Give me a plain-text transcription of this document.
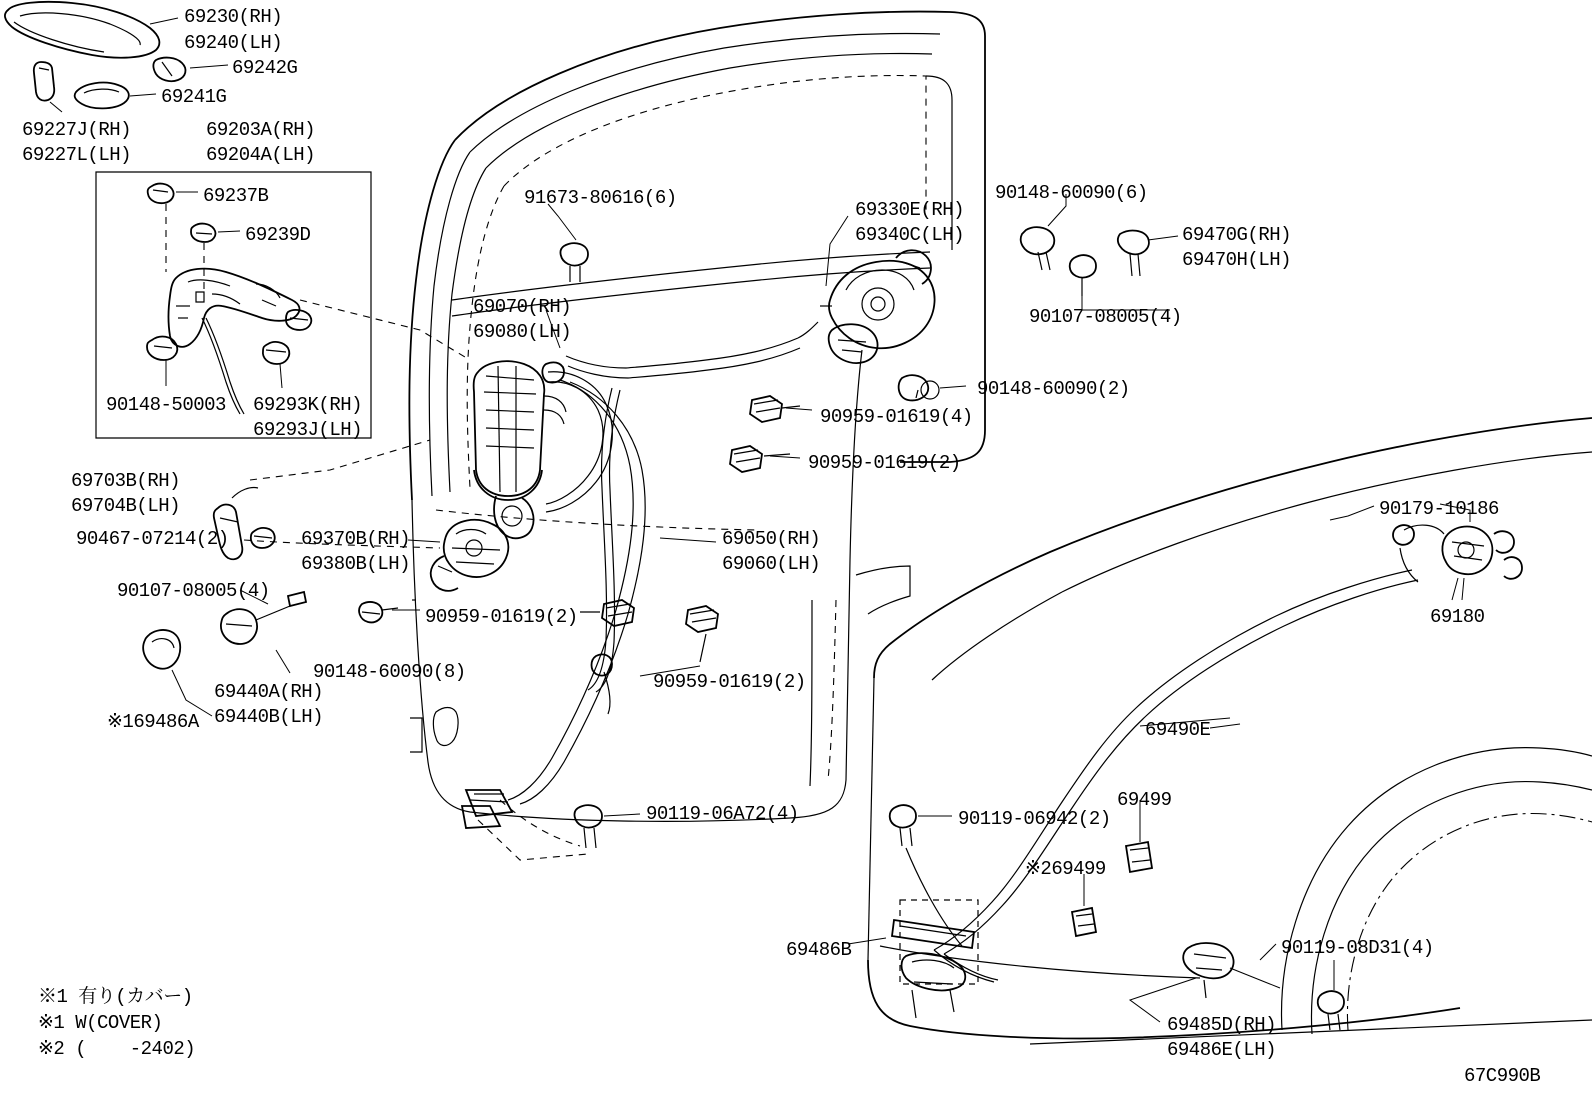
69230(RH)
69240(LH)
69242G
69241G
69227J(RH)
69227L(LH)
69203A(RH)
69204A(LH)
69237B
69239D
90148-50003 69293K(RH)
69293J(LH)
91673-80616(6)
69330E(RH)
69340C(LH)
90148-60090(6)
69470G(RH)
69470H(LH)
90107-08005(4)
69070(RH)
69080(LH)
90148-60090(2)
90959-01619(4)
90959-01619(2)
69703B(RH)
69704B(LH)
90467-07214(2)	69370B(RH)
69380B(LH)
69050(RH)
69060(LH)
90179-10186
69180
90107-08005(4)
90959-01619(2)
90148-60090(8)	90959-01619(2)
69440A(RH)
69440B(LH)
※169486A	69490E
90119-06A72(4)	90119-06942(2)
69499
※269499
69486B	90119-08D31(4)
69485D(RH)
69486E(LH)
※1 有り(カバー)
※1 W(COVER)
※2 (    -2402)
67C990B
